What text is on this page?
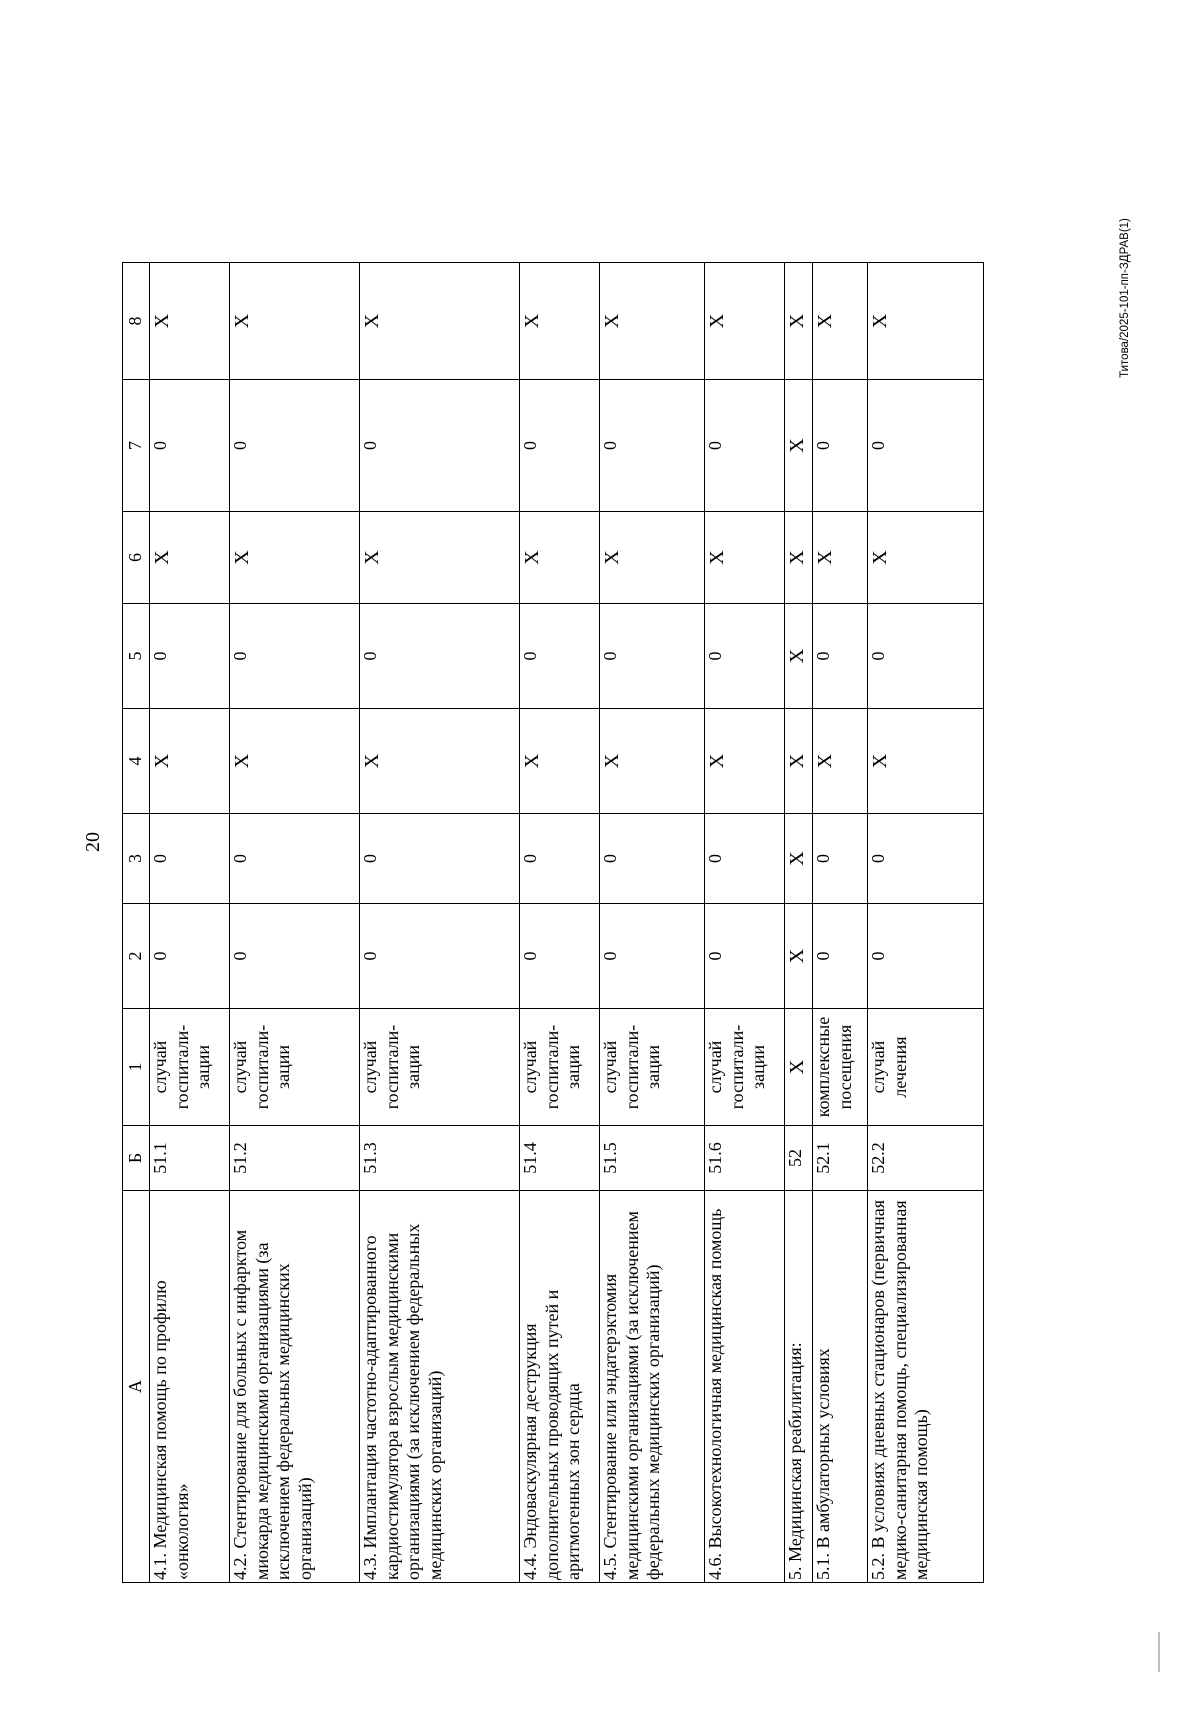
20
А	Б	1	2	3	4	5	6	7	8
4.1. Медицинская помощь по профилю «онкология»	51.1	случай госпитали-зации	0	0	Х	0	Х	0	Х
4.2. Стентирование для больных с инфарктом миокарда медицинскими организациями (за исключением федеральных медицинских организаций)	51.2	случай госпитали-зации	0	0	Х	0	Х	0	Х
4.3. Имплантация частотно-адаптированного кардиостимулятора взрослым медицинскими организациями (за исключением федеральных медицинских организаций)	51.3	случай госпитали-зации	0	0	Х	0	Х	0	Х
4.4. Эндоваскулярная деструкция дополнительных проводящих путей и аритмогенных зон сердца	51.4	случай госпитали-зации	0	0	Х	0	Х	0	Х
4.5. Стентирование или эндатерэктомия медицинскими организациями (за исключением федеральных медицинских организаций)	51.5	случай госпитали-зации	0	0	Х	0	Х	0	Х
4.6. Высокотехнологичная медицинская помощь	51.6	случай госпитали-зации	0	0	Х	0	Х	0	Х
5. Медицинская реабилитация:	52	Х	Х	Х	Х	Х	Х	Х	Х
5.1. В амбулаторных условиях	52.1	комплексные посещения	0	0	Х	0	Х	0	Х
5.2. В условиях дневных стационаров (первичная медико-санитарная помощь, специализированная медицинская помощь)	52.2	случай лечения	0	0	Х	0	Х	0	Х	Титова/2025-101-пп-ЗДРАВ(1)
